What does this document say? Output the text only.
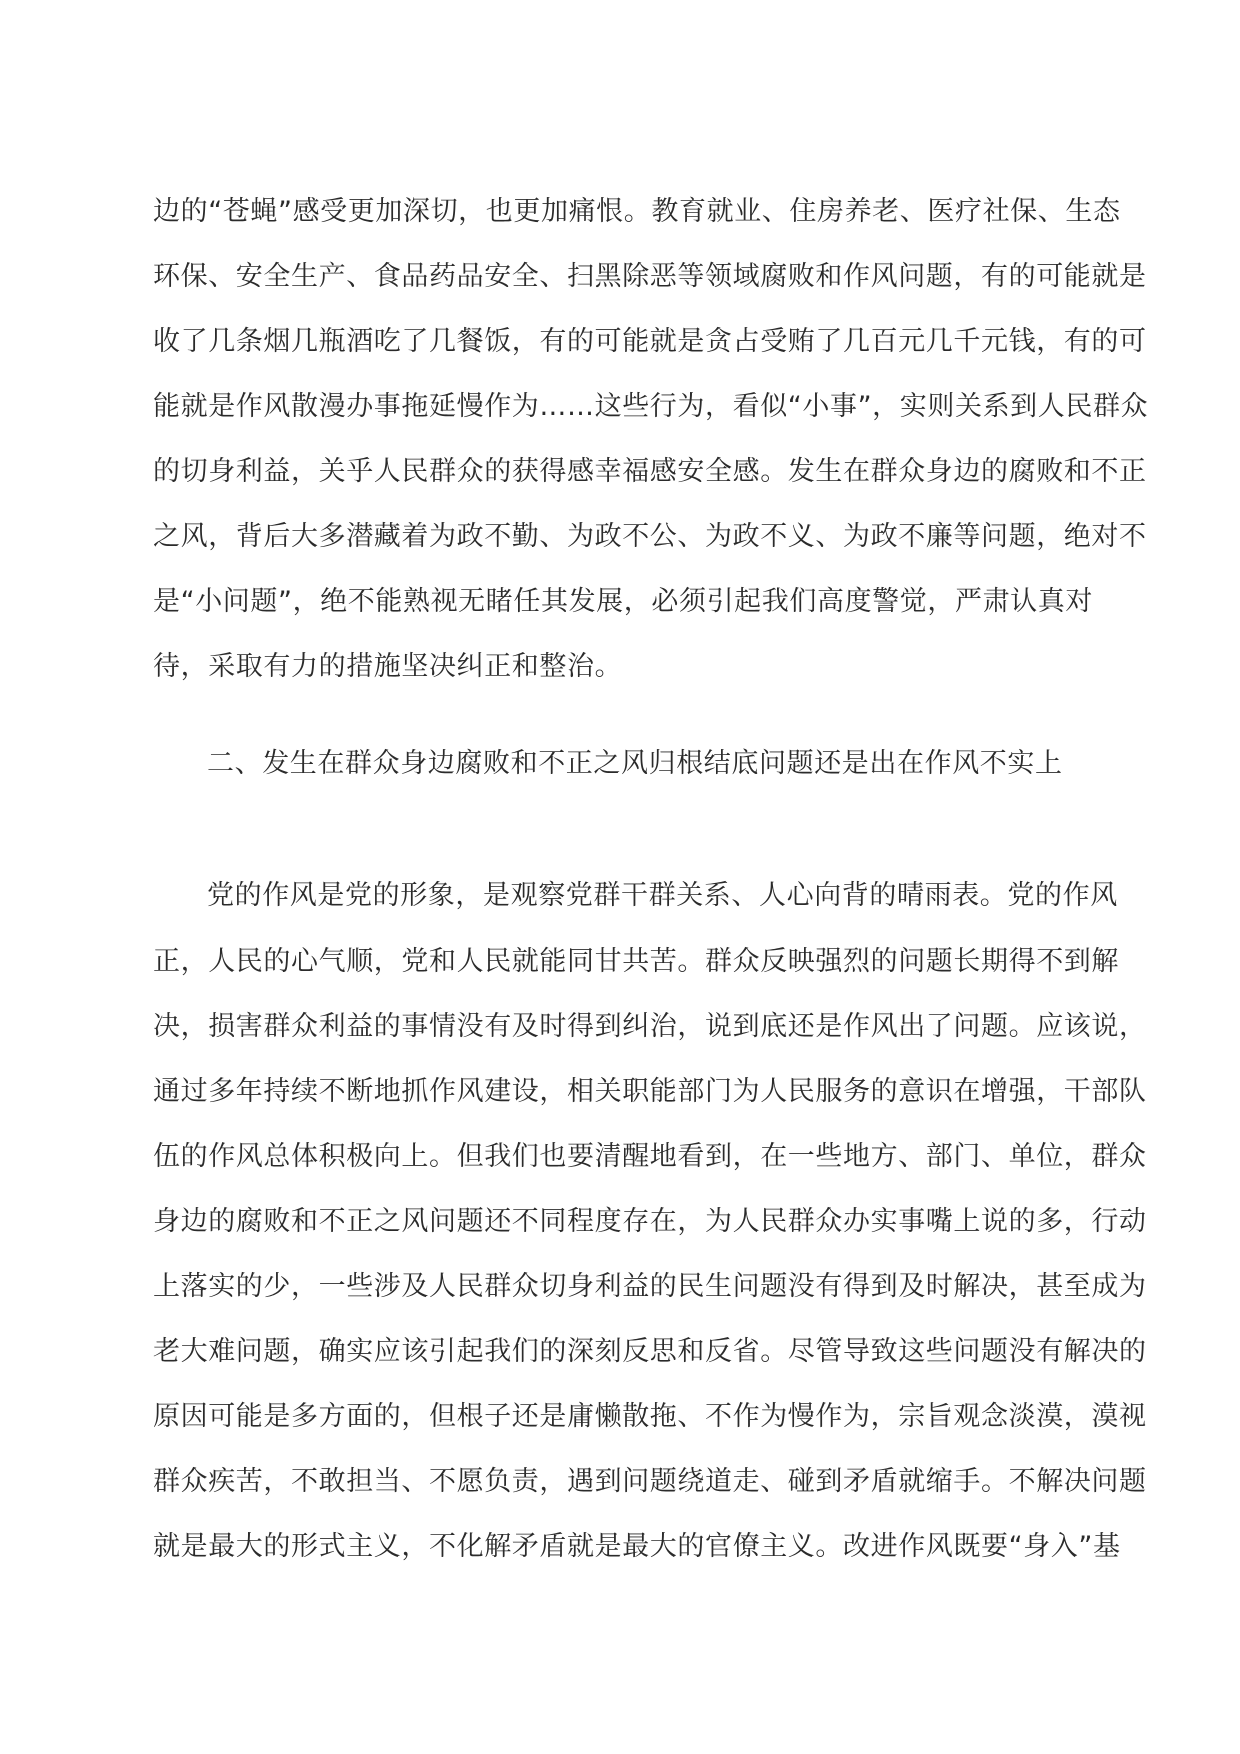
边的“苍蝇”感受更加深切，也更加痛恨。教育就业、住房养老、医疗社保、生态

环保、安全生产、食品药品安全、扫黑除恶等领域腐败和作风问题，有的可能就是

收了几条烟几瓶酒吃了几餐饭，有的可能就是贪占受贿了几百元几千元钱，有的可

能就是作风散漫办事拖延慢作为……这些行为，看似“小事”，实则关系到人民群众

的切身利益，关乎人民群众的获得感幸福感安全感。发生在群众身边的腐败和不正

之风，背后大多潜藏着为政不勤、为政不公、为政不义、为政不廉等问题，绝对不

是“小问题”，绝不能熟视无睹任其发展，必须引起我们高度警觉，严肃认真对

待，采取有力的措施坚决纠正和整治。

二、发生在群众身边腐败和不正之风归根结底问题还是出在作风不实上

党的作风是党的形象，是观察党群干群关系、人心向背的晴雨表。党的作风

正，人民的心气顺，党和人民就能同甘共苦。群众反映强烈的问题长期得不到解

决，损害群众利益的事情没有及时得到纠治，说到底还是作风出了问题。应该说，

通过多年持续不断地抓作风建设，相关职能部门为人民服务的意识在增强，干部队

伍的作风总体积极向上。但我们也要清醒地看到，在一些地方、部门、单位，群众

身边的腐败和不正之风问题还不同程度存在，为人民群众办实事嘴上说的多，行动

上落实的少，一些涉及人民群众切身利益的民生问题没有得到及时解决，甚至成为

老大难问题，确实应该引起我们的深刻反思和反省。尽管导致这些问题没有解决的

原因可能是多方面的，但根子还是庸懒散拖、不作为慢作为，宗旨观念淡漠，漠视

群众疾苦，不敢担当、不愿负责，遇到问题绕道走、碰到矛盾就缩手。不解决问题

就是最大的形式主义，不化解矛盾就是最大的官僚主义。改进作风既要“身入”基
